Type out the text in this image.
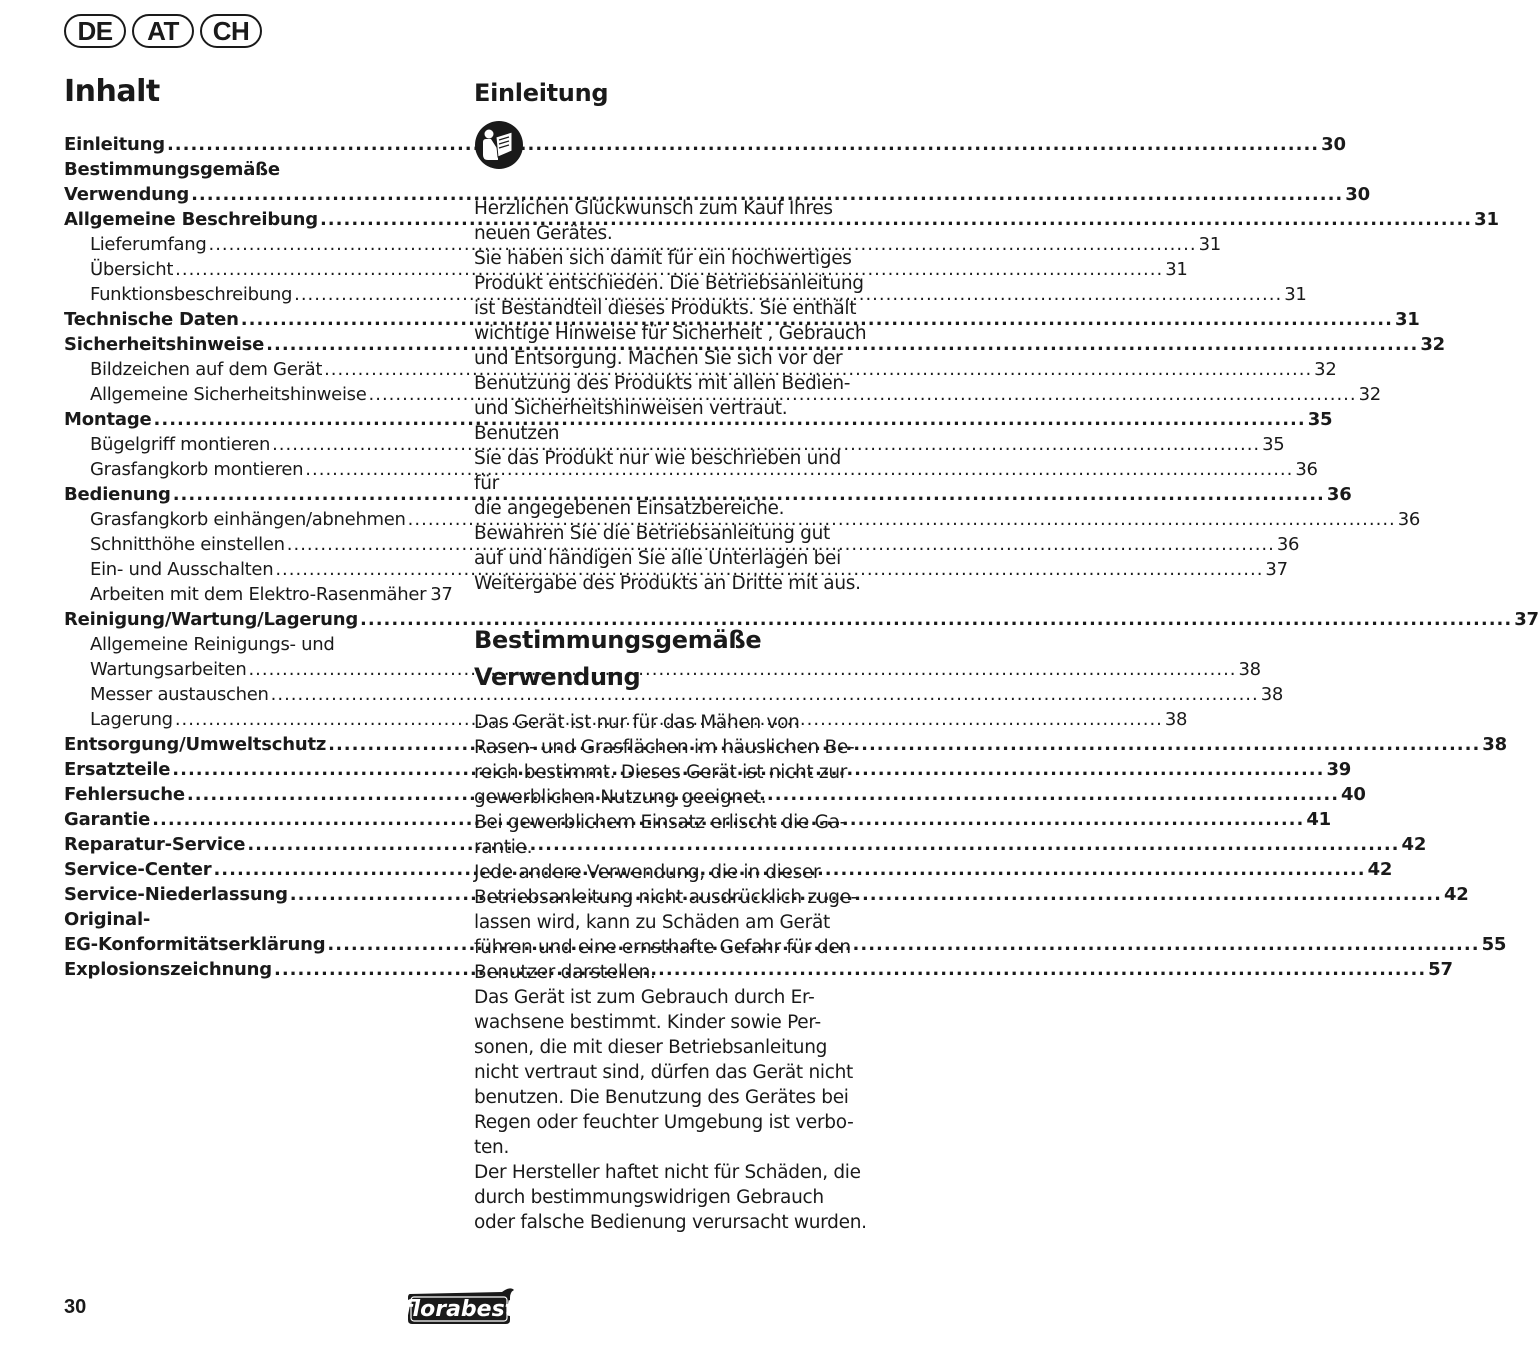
DE	AT	CH
Inhalt
Einleitung .....	30
Bestimmungsgemäße
Verwendung .....	30
Allgemeine Beschreibung .....	31
Lieferumfang .....	31
Übersicht .....	31
Funktionsbeschreibung .....	31
Technische Daten .....	31
Sicherheitshinweise .....	32
Bildzeichen auf dem Gerät .....	32
Allgemeine Sicherheitshinweise .....	32
Montage .....	35
Bügelgriff montieren .....	35
Grasfangkorb montieren .....	36
Bedienung .....	36
Grasfangkorb einhängen/abnehmen .....	36
Schnitthöhe einstellen .....	36
Ein- und Ausschalten .....	37
Arbeiten mit dem Elektro-Rasenmäher 37
Reinigung/Wartung/Lagerung .....	37
Allgemeine Reinigungs- und
Wartungsarbeiten .....	38
Messer austauschen .....	38
Lagerung .....	38
Entsorgung/Umweltschutz .....	38
Ersatzteile .....	39
Fehlersuche .....	40
Garantie .....	41
Reparatur-Service .....	42
Service-Center .....	42
Service-Niederlassung .....	42
Original-
EG-Konformitätserklärung .....	55
Explosionszeichnung .....	57
Einleitung
Herzlichen Glückwunsch zum Kauf Ihres
neuen Gerätes.
Sie haben sich damit für ein hochwertiges
Produkt entschieden. Die Betriebsanleitung
ist Bestandteil dieses Produkts. Sie enthält
wichtige Hinweise für Sicherheit , Gebrauch
und Entsorgung. Machen Sie sich vor der
Benutzung des Produkts mit allen Bedien-
und Sicherheitshinweisen vertraut. Benutzen
Sie das Produkt nur wie beschrieben und für
die angegebenen Einsatzbereiche.
Bewahren Sie die Betriebsanleitung gut
auf und händigen Sie alle Unterlagen bei
Weitergabe des Produkts an Dritte mit aus.
Bestimmungsgemäße
Verwendung
Das Gerät ist nur für das Mähen von
Rasen- und Grasflächen im häuslichen Be-
reich bestimmt. Dieses Gerät ist nicht zur
gewerblichen Nutzung geeignet.
Bei gewerblichem Einsatz erlischt die Ga-
rantie.
Jede andere Verwendung, die in dieser
Betriebsanleitung nicht ausdrücklich zuge-
lassen wird, kann zu Schäden am Gerät
führen und eine ernsthafte Gefahr für den
Benutzer darstellen.
Das Gerät ist zum Gebrauch durch Er-
wachsene bestimmt. Kinder sowie Per-
sonen, die mit dieser Betriebsanleitung
nicht vertraut sind, dürfen das Gerät nicht
benutzen. Die Benutzung des Gerätes bei
Regen oder feuchter Umgebung ist verbo-
ten.
Der Hersteller haftet nicht für Schäden, die
durch bestimmungswidrigen Gebrauch
oder falsche Bedienung verursacht wurden.
30	florabest
